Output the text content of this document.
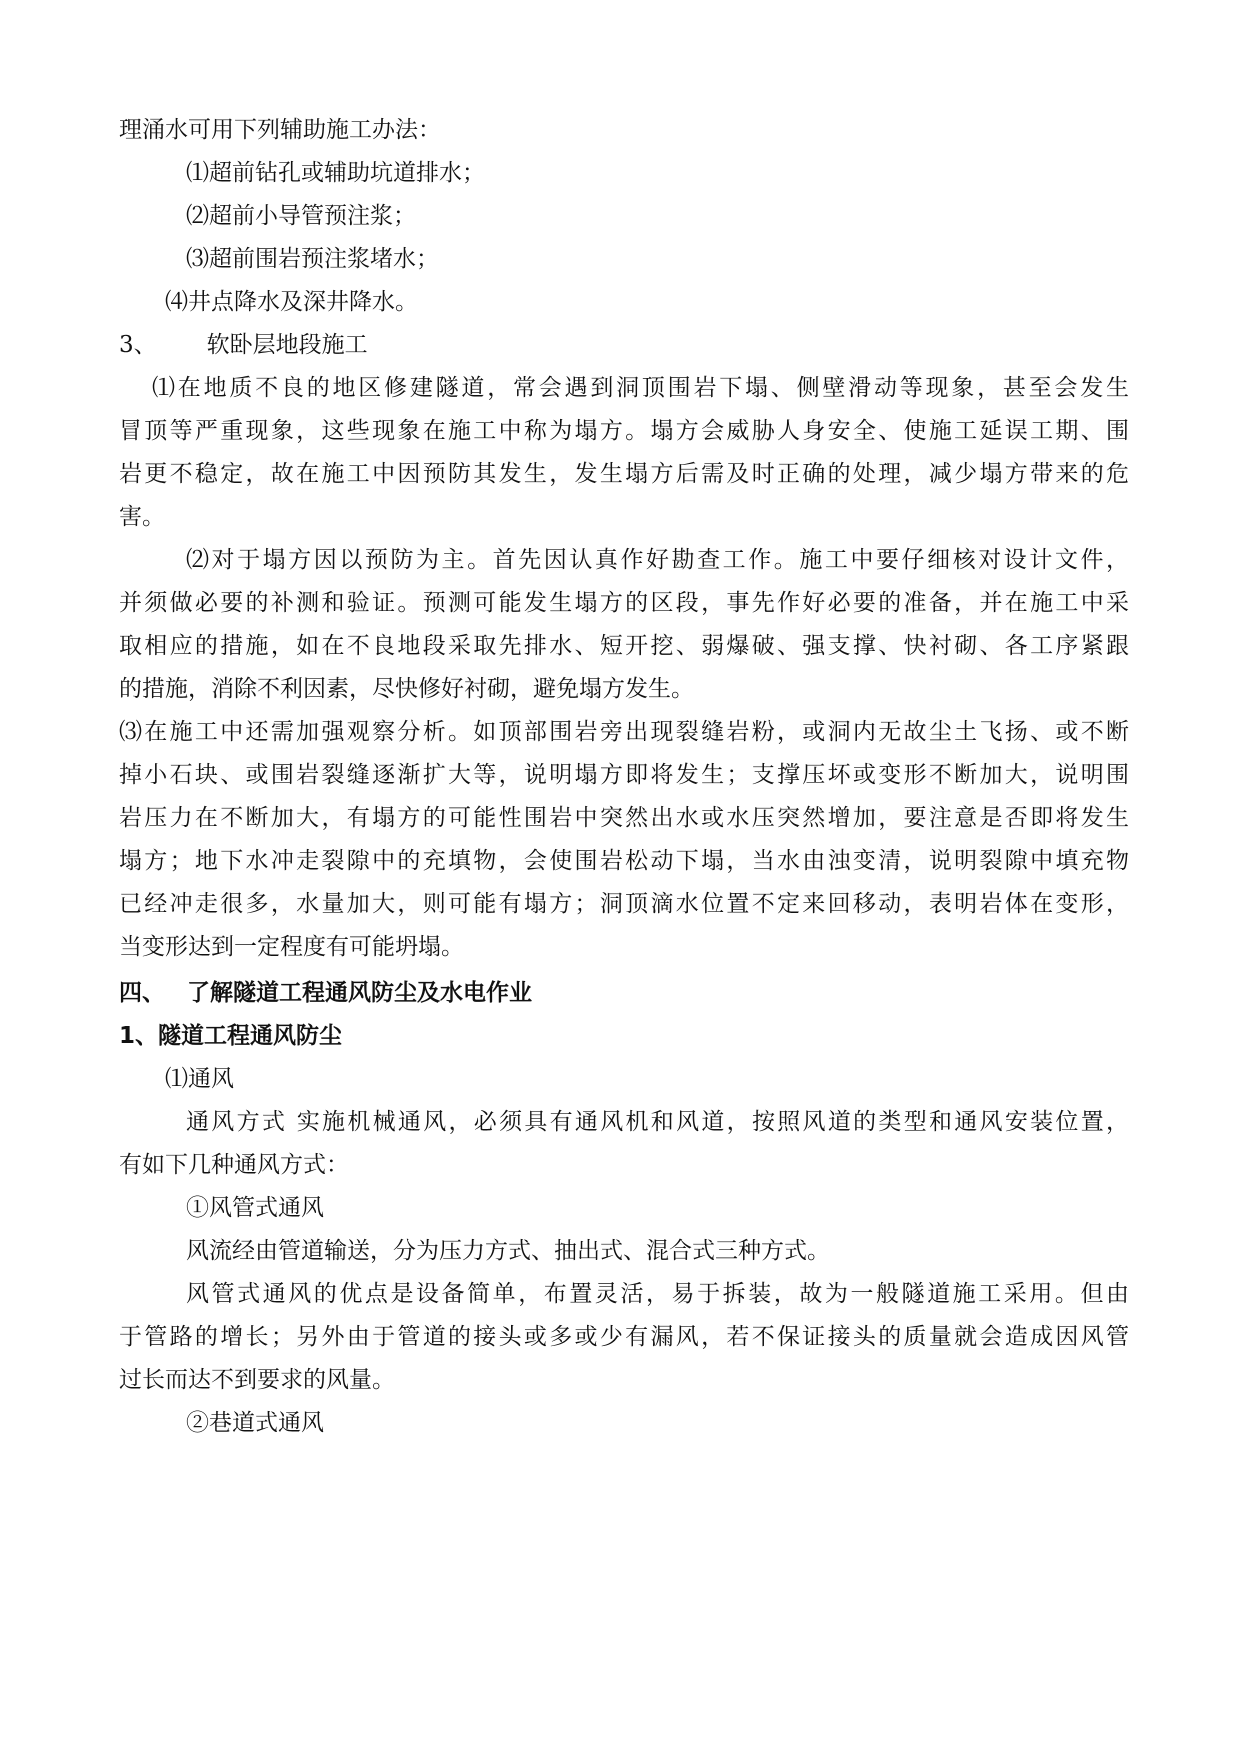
理涌水可用下列辅助施工办法：
⑴超前钻孔或辅助坑道排水；
⑵超前小导管预注浆；
⑶超前围岩预注浆堵水；
⑷井点降水及深井降水。
3、 软卧层地段施工
⑴在地质不良的地区修建隧道，常会遇到洞顶围岩下塌、侧壁滑动等现象，甚至会发生
冒顶等严重现象，这些现象在施工中称为塌方。塌方会威胁人身安全、使施工延误工期、围
岩更不稳定，故在施工中因预防其发生，发生塌方后需及时正确的处理，减少塌方带来的危
害。
⑵对于塌方因以预防为主。首先因认真作好勘查工作。施工中要仔细核对设计文件，
并须做必要的补测和验证。预测可能发生塌方的区段，事先作好必要的准备，并在施工中采
取相应的措施，如在不良地段采取先排水、短开挖、弱爆破、强支撑、快衬砌、各工序紧跟
的措施，消除不利因素，尽快修好衬砌，避免塌方发生。
⑶在施工中还需加强观察分析。如顶部围岩旁出现裂缝岩粉，或洞内无故尘土飞扬、或不断
掉小石块、或围岩裂缝逐渐扩大等，说明塌方即将发生；支撑压坏或变形不断加大，说明围
岩压力在不断加大，有塌方的可能性围岩中突然出水或水压突然增加，要注意是否即将发生
塌方；地下水冲走裂隙中的充填物，会使围岩松动下塌，当水由浊变清，说明裂隙中填充物
已经冲走很多，水量加大，则可能有塌方；洞顶滴水位置不定来回移动，表明岩体在变形，
当变形达到一定程度有可能坍塌。
四、 了解隧道工程通风防尘及水电作业
1、隧道工程通风防尘
⑴通风
通风方式 实施机械通风，必须具有通风机和风道，按照风道的类型和通风安装位置，
有如下几种通风方式：
①风管式通风
风流经由管道输送，分为压力方式、抽出式、混合式三种方式。
风管式通风的优点是设备简单，布置灵活，易于拆装，故为一般隧道施工采用。但由
于管路的增长；另外由于管道的接头或多或少有漏风，若不保证接头的质量就会造成因风管
过长而达不到要求的风量。
②巷道式通风
